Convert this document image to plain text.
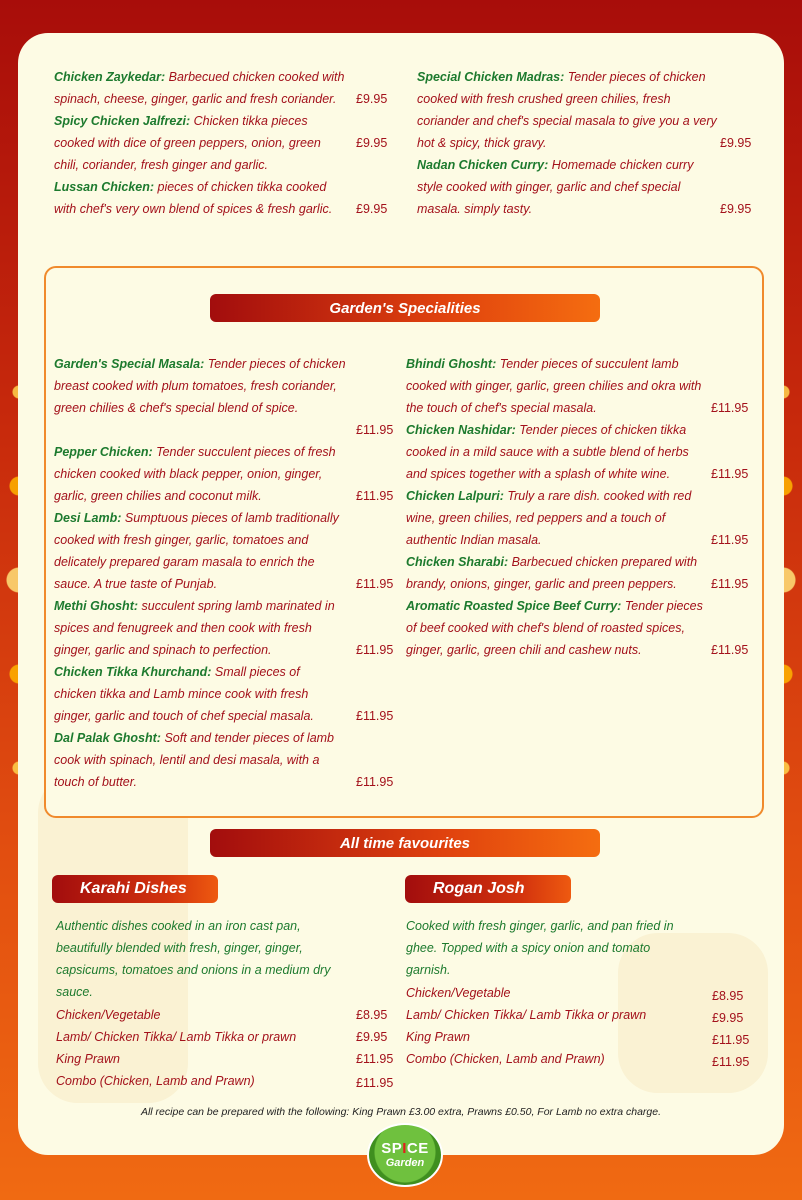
Chicken Zaykedar: Barbecued chicken cooked with spinach, cheese, ginger, garlic and fresh coriander.	£9.95
Spicy Chicken Jalfrezi: Chicken tikka pieces cooked with dice of green peppers, onion, green chili, coriander, fresh ginger and garlic.
£9.95
Lussan Chicken: pieces of chicken tikka cooked with chef's very own blend of spices & fresh garlic.	£9.95
Special Chicken Madras: Tender pieces of chicken cooked with fresh crushed green chilies, fresh coriander and chef's special masala to give you a very hot & spicy, thick gravy.	£9.95
Nadan Chicken Curry: Homemade chicken curry style cooked with ginger, garlic and chef special masala. simply tasty.	£9.95
Garden's Specialities
Garden's Special Masala: Tender pieces of chicken breast cooked with plum tomatoes, fresh coriander, green chilies & chef's special blend of spice.
£11.95
Pepper Chicken: Tender succulent pieces of fresh chicken cooked with black pepper, onion, ginger, garlic, green chilies and coconut milk.	£11.95
Desi Lamb: Sumptuous pieces of lamb traditionally cooked with fresh ginger, garlic, tomatoes and delicately prepared garam masala to enrich the sauce. A true taste of Punjab.	£11.95
Methi Ghosht: succulent spring lamb marinated in spices and fenugreek and then cook with fresh ginger, garlic and spinach to perfection.	£11.95
Chicken Tikka Khurchand: Small pieces of chicken tikka and Lamb mince cook with fresh ginger, garlic and touch of chef special masala.	£11.95
Dal Palak Ghosht: Soft and tender pieces of lamb cook with spinach, lentil and desi masala, with a touch of butter.	£11.95
Bhindi Ghosht: Tender pieces of succulent lamb cooked with ginger, garlic, green chilies and okra with the touch of chef's special masala.	£11.95
Chicken Nashidar: Tender pieces of chicken tikka cooked in a mild sauce with a subtle blend of herbs and spices together with a splash of white wine.	£11.95
Chicken Lalpuri: Truly a rare dish. cooked with red wine, green chilies, red peppers and a touch of authentic Indian masala.	£11.95
Chicken Sharabi: Barbecued chicken prepared with brandy, onions, ginger, garlic and preen peppers.	£11.95
Aromatic Roasted Spice Beef Curry: Tender pieces of beef cooked with chef's blend of roasted spices, ginger, garlic, green chili and cashew nuts.	£11.95
All time favourites
Karahi Dishes
Authentic dishes cooked in an iron cast pan, beautifully blended with fresh, ginger, ginger, capsicums, tomatoes and onions in a medium dry sauce.
Chicken/Vegetable	£8.95
Lamb/ Chicken Tikka/ Lamb Tikka or prawn	£9.95
King Prawn	£11.95
Combo (Chicken, Lamb and Prawn)	£11.95
Rogan Josh
Cooked with fresh ginger, garlic, and pan fried in ghee. Topped with a spicy onion and tomato garnish.
Chicken/Vegetable	£8.95
Lamb/ Chicken Tikka/ Lamb Tikka or prawn	£9.95
King Prawn	£11.95
Combo (Chicken, Lamb and Prawn)	£11.95
All recipe can be prepared with the following: King Prawn £3.00 extra, Prawns £0.50, For Lamb no extra charge.
SPICE
Garden
